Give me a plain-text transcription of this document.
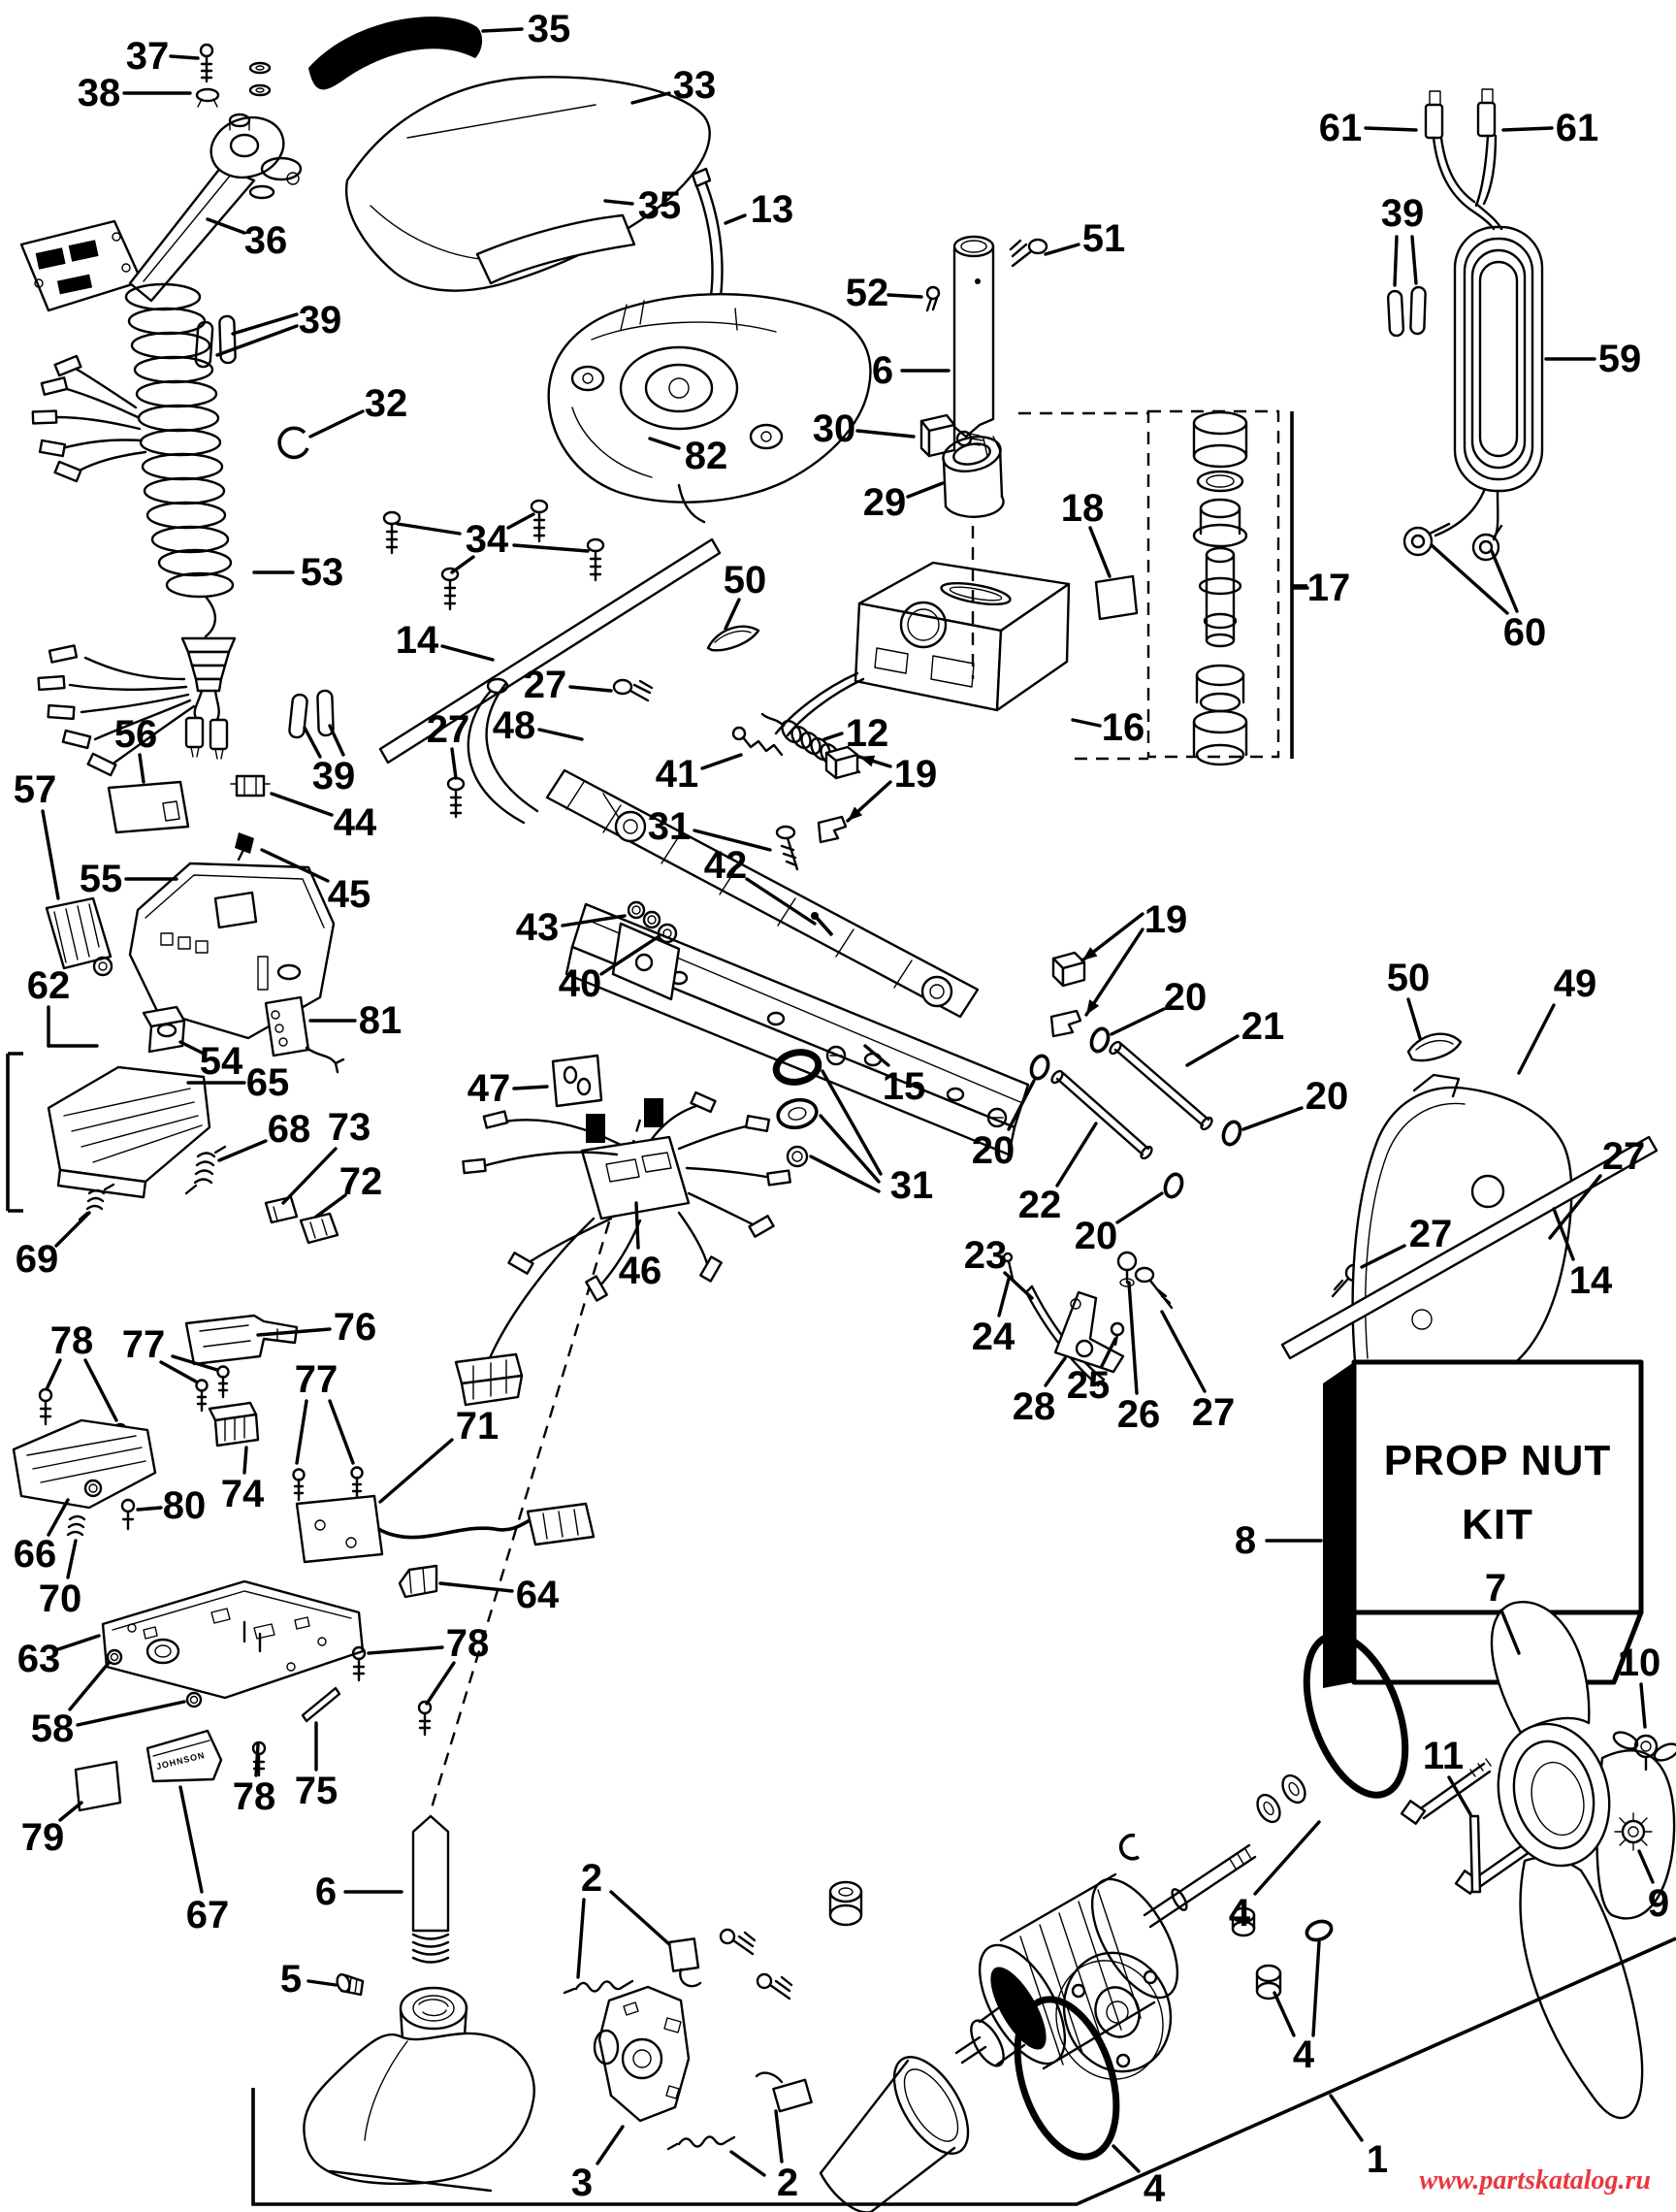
PROP NUT
KIT
JOHNSON
www.partskatalog.ru
37
38
35
33
36
39
32
53
34
14
27
48
27
50
82
13
35
51
52
6
30
29	18
16
12
19
41
31
42
43
40
15
47
46
31
19
20
21
20
20
22
20
23
50	49
27
27
14
24
28 25
26 27
8
7
10
9
11
4
4
4
1
61	61
39
59
60
17
2
2
3
5
6
56
57	39
44
45
55
62
54 65
81
68 73
72
69
76
78 77
77
74
71
80
64
66
70
63
58
79
67
78 75
78
